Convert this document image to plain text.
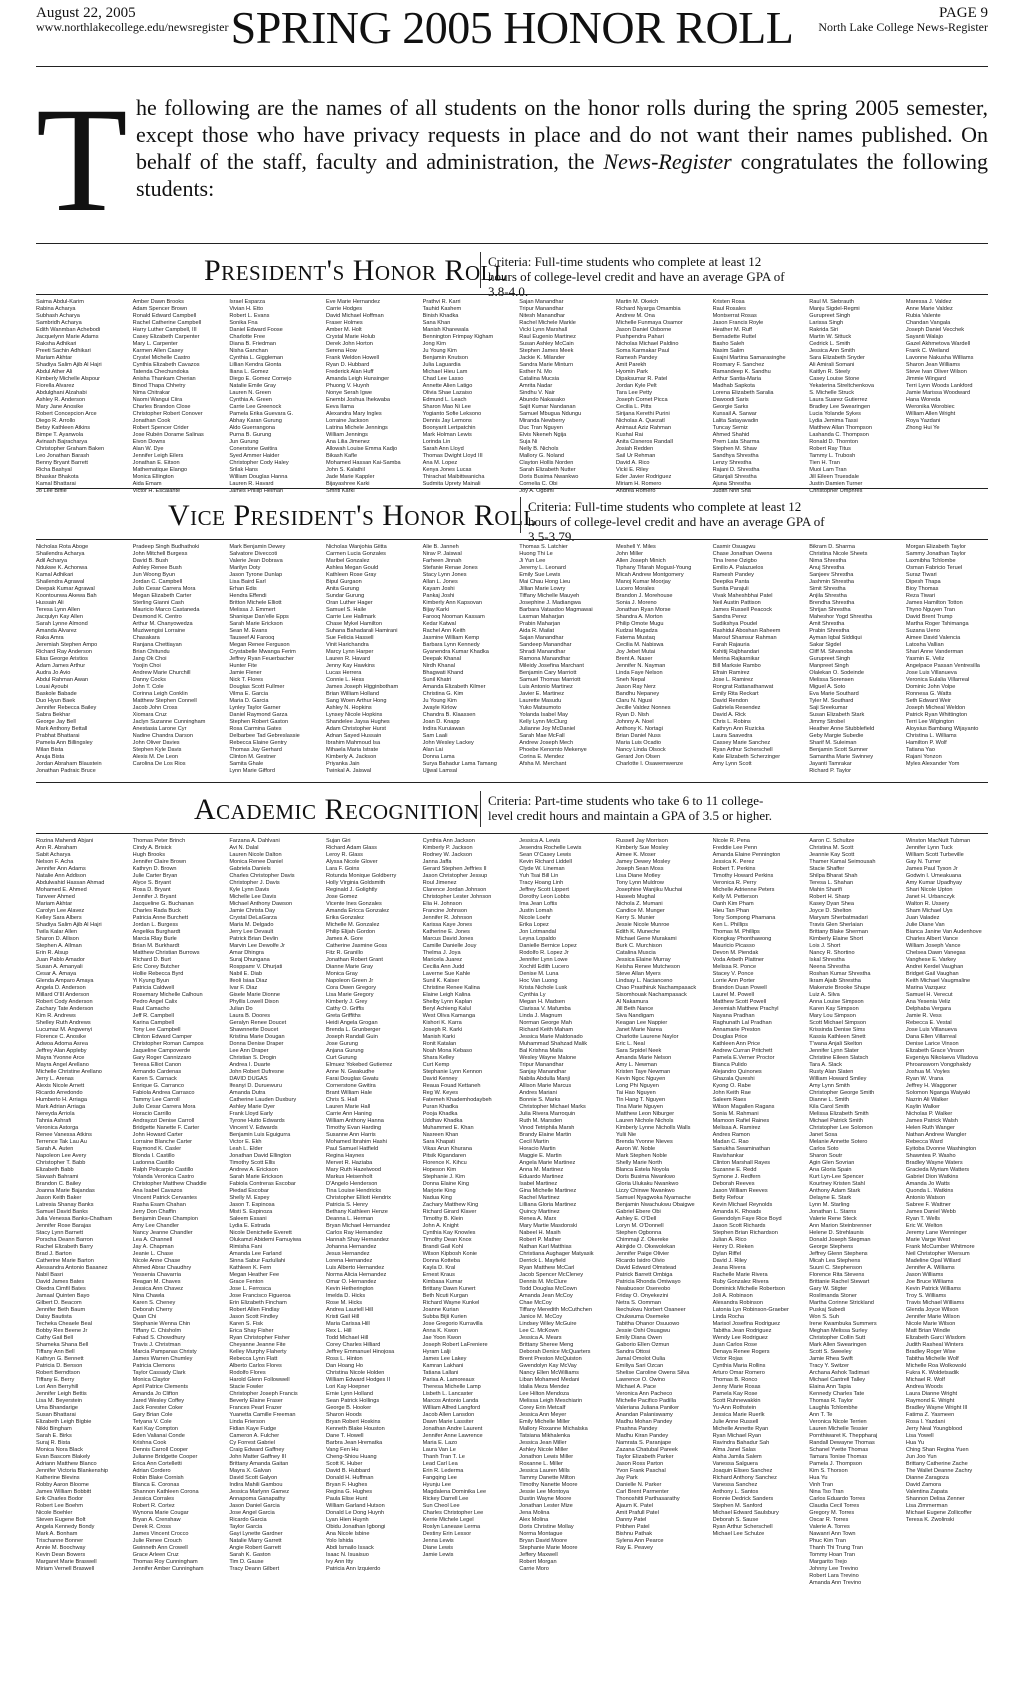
August 22, 2005
www.northlakecollege.edu/newsregister SPRING 2005 HONOR ROLL	PAGE 9
North Lake College News-Register
T he following are the names of all students on the honor rolls during the spring 2005 semester, except those who have privacy requests in place and do not want their names published. On behalf of the staff, faculty and administration, the News-Register congratulates the following students:
President's Honor Roll
Criteria: Full-time students who complete at least 12 hours of college-level credit and have an average GPA of 3.8-4.0.
Saima Abdul-Karim
Rabina Acharya
Subhash Acharya
Sambridh Acharya
Edith Wanmban Achebodi
Jacquelynn Marie Adams
Raksha Adhikari
Preeti Sachin Adhikari
Mariam Akhtar
Shadiya Salim Ajib Al Hajri
Abdul Ather Ali
Kimberly Michelle Alspour
Fiorella Alvarez
Abdulghani Alzahabi
Ashley R. Anderson
Mary Jane Anosike
Robert Concepcion Arce
Diego R. Arrollo
Betsy Kathleen Atkins
Bimpe T. Ayanwola
Avinash Bajracharya
Christopher Graham Baken
Leo Jonathan Barash
Benny Bryant Barrett
Richa Bashyal
Bhaskar Bhakota
Kamal Bhattarai
Jo Lee Biffle
Amber Dawn Brooks
Adam Spencer Brown
Ronald Edward Campbell
Rachel Catherine Campbell
Harry Luther Campbell, III
Casey Elizabeth Carpenter
Mary L. Carpenter
Karmen Allen Casey
Crystel Michelle Castro
Cynthia Elizabeth Cavazos
Tatenda Chechundoka
Anisha Thankam Cherian
Binod Thapa Chhetry
Nima Chitrakar
Naomi Wangui Ciira
Charles Brandon Close
Christopher Robert Conover
Jonathan Cook
Robert Spencer Crider
Jose Rubén Dorame Salinas
Eivon Downs
Alan W. Dye
Jennifer Leigh Eilers
Jonathan E. Eitson
Mathematique Elango
Monica Ellington
Aida Emam
Victor H. Escalante
Israel Esparza
Vivian H. Etto
Robert L. Evans
Sonika Fna
Daniel Edward Foose
Charlotte Free
Diana B. Friedman
Nisha Ganchan
Cynthia L. Giggleman
Lillian Kendra Gionta
Iliana L. Gomez
Diego E. Gomez Cornejo
Natalie Emile Gray
Lauren N. Green
Cynthia A. Green
Carrie Lee Greenock
Pamela Erika Guevara G.
Abhay Karan Gurung
Aldo Guerrangona
Purna B. Gurung
Jun Gurung
Conerstone Gwitira
Syed Ammer Haider
Christopher Cody Haley
Srilak Hans
William Douglas Hanna
Lauren R. Havard
James Phillip Heiman
Eve Marie Hernandez
Carrie Hodges
David Michael Hoffman
Fraser Holmes
Amber M. Holt
Crystal Marie Holub
Derek John Horton
Serena How
Frank Weldon Howell
Ryan D. Hubbard
Frederick Alan Huff
Amanda Leigh Hunsinger
Phuong V. Huynh
Nonye Serah Igwe
Enembi Joshua Ihekwaba
Eeva Ilama
Alexandra Mary Ingles
Lorraine Jackson
Latrina Michele Jennings
William Jennings
Ana Lilia Jimenez
Allowah Louise Emma Kadjo
Bikash Kafle
Mohamed Hassan Kai-Samba
John S. Kalathil
Jade Marie Kappler
Bijayashree Karki
Smriti Karki
Prathvi R. Karri
Tauhid Kashem
Binish Khadka
Sana Khan
Manish Kharewala
Bennington Frimpay Kigham
Jong Kim
Ju Young Kim
Benjamin Knutson
Julia Laguardia
Michael Hieu Lam
Chad Lee Lasso
Annette Alien Latigo
Olivia Shae Lazaiso
Edmund L. Leach
Sharon Mao Ni Lee
Yogianto Sofie Leksono
Dennis Jay Lemons
Boonyarit Lertpatchin
Mark Holman Lewis
Lorinda Lin
Sarah Ann Lloyd
Thomas Dwight Lloyd III
Ana M. Lopez
Kenya Jones Lucas
Thirachat Maibittwanicha
Sudmita Uprety Mainali
Sajan Manandhar
Tripur Manandhar
Nitesh Manandhar
Rachel Michele Markle
Vicki Lynn Marshall
Raul Eugenio Martinez
Susan Ashley McCain
Stephen James Meek
Jackie K. Milander
Sandra Marie Minturn
Esther N. Mo
Catalina Mucsia
Amrita Nadar
Sindhu V. Nair
Abundo Nakasako
Sajit Kumar Nandanan
Samuel Mbugua Ndungu
Miranda Newberry
Duc Tran Nguyen
Elvis Nkeneh Ngija
Suja Ni
Nelly B. Nichols
Mallory G. Noland
Clayton Hollis Norden
Sarah Elizabeth Nutter
Doris Busima Nwankwo
Cornelia C. Obi
Joy A. Ogbimi
Martin M. Okeich
Richard Nyarga Omambia
Andrew M. Ona
Michelle Funmaya Osamor
Jason Daniel Osborne
Pushpendra Pahari
Nicholas Michael Paldino
Soma Karmakar Paul
Ramesh Pandey
Amit Parekh
Hyomin Park
Dipaksumar R. Patel
Jordan Kyle Pelt
Tara Lee Petty
Joseph Cornet Picca
Cecilia L. Pitts
Sirijana Kerethi Purini
Nicholas A. Quezatl
Animaut Aziz Rahman
Kushal Rai
Anita Cisneros Randall
Josiah Redden
Sail Ur Rehman
David A. Rico
Vicki E. Riley
Eder Javier Rodriguez
Miriam H. Romero
Andrea Romero
Kristen Rosa
Raul Rosales
Montserrat Rosas
Jason Francis Royle
Heather M. Ruff
Bernadette Ruttel
Basho Saleh
Nasim Salim
Esajni Martina Samarasinghe
Rosmary F. Sanchez
Ramandeep K. Sandhu
Arthur Santia-Maria
Madhab Sapkota
Lorena Elizabeth Saralia
Dawoodi Saris
Georgie Sarks
Kunsail A. Sarwar
Lalita Satayavadin
Tuncay Semiz
Ahmed Shahid
Prem Lata Sharma
Stephen M. Shaw
Sandhya Shrestha
Lenzy Shrestha
Rajani D. Shrestha
Gitanjali Shrestha
Ajuna Shrestha
Judith Nnh Sha
Raul M. Siebrauth
Manju Sigdel-Regmi
Gurupreet Singh
Larissa Singh
Rakrida Siri
Martin W. Sittuck
Cedrick L. Smith
Jessica Ann Smith
Sara Elizabeth Snyder
Ali Amirali Somani
Kaitlyn R. Steely
Casey Louise Stone
Yekaterina Streltchenkova
S. Michelle Struck
Laura Suarez Gutierrez
Bradley Lee Swearingen
Lucia Yolande Sykes
Lydia Jemima Tassi
Matthew Allan Thompson
Lashanda C. Thompson
Ronald D. Thornton
Robert Ray Titus
Tammy L. Trubosh
Tien H. Tran
Muoi Lam Tran
Jill Eileen Truesdale
Justin Damien Turner
Christopher Umphres
Maressa J. Valdez
Anne Marie Valdez
Rubia Valente
Chandan Vangala
Joseph Daniel Vecchek
Sayanti Walajo
Gazel Akhmetova Wardell
Frank C. Weiland
Lavonne Nakusha Williams
Sharon Jean Williams
Steve Ivan Oliver Wilson
Jimmie Wingard
Terri Lynn Woods Lankford
Jamie Marissa Woodward
Hana Woreda
Weronika Worobiec
William Allen Wright
Roya Yazdani
Zhong Hui Ye
Vice President's Honor Roll
Criteria: Full-time students who complete at least 12 hours of college-level credit and have an average GPA of 3.5-3.79.
Nicholas Rota Aboge
Shailendra Acharya
Adil Acharya
Ndukwe K. Achonwa
Kamal Adhikari
Shailendra Agrawal
Deepak Kumar Agrawal
Koontounwa Akewa Bah
Hussain Ali
Teresa Lynn Allen
Jacqulyn Kay Allen
Sarah Lynne Almond
Amanda Alvarez
Raka Amra
Jeremiah Stephen Ampo
Richard Ray Anderson
Elias George Aristios
Adam James Arthur
Audra Jo Avio
Abdul Rahman Awan
Louai Ayoubi
Baskole Babade
Duo Hyun Baek
Jennifer Rebecca Bailey
Sabra Bekhar
George Jay Bell
Mark Anthony Bettall
Prabhat Bhattarai
Pamela Ann Billingsley
Milan Bista
Anuja Bista
Jordan Abraham Blaustein
Jonathan Padraic Bruce
Pradeep Singh Budhathoki
John Mitchell Burgess
David B. Bush
Ashley Renee Bush
Jun Woong Byun
Jordan C. Campbell
Julio Cesar Carrera Mora
Megan Elizabeth Carter
Sterling Gianni Cash
Mauricio Marco Castaneda
Desmond K. Centro
Arthur M. Chanyowedza
Muziwengisi Lorraine
Chasakara
Ranjana Chettiayan
Brian Chitundu
Jang Ok Choi
Yoojin Choi
Andrew Marie Churchill
Danny Cocks
John T. Cole
Corinna Leigh Conklin
Matthew Stephen Connell
Jacob John Cross
Xiomara Cruz
Jaclyn Suzanne Cunningham
Anestasia Larone Cyr
Nadine Chandra Darson
John Oliver Davies
Stephen Kyle Davis
Alexis M. De Leon
Carolina De Los Rios
Mark Benjamin Dewey
Salvatore Diveccoti
Valerie Jean Dobrava
Marilyn Doty
Jason Tyrone Dunlap
Lisa Baird Earl
Erhan Edis
Hendra Effendi
Britton Michele Elliott
Melissa J. Emmert
Shanique Dan'elle Epps
Sarah Marie Erickson
Sean M. Evans
Tauseef Al Farooq
Megan Renee Ferguson
Crystabelle Mwanga Ferim
Jeffrey Ryan Feuerbacher
Hunter Fite
Jamie Flener
Nick T. Flores
Douglas Scott Fullmer
Vilma E. Garcia
Maria D. Garcia
Lynley Taylor Garner
Daniel Raymond Garza
Stephen Robert Gaston
Rosa Carmina Gates
Delbarbee Tad Gebreslassie
Rebecca Elaine Gentry
Thomas Jay Gerhard
Clinton M. Gestner
Samita Ghale
Lynn Marie Gifford
Nicholas Wanjohia Giitta
Carmen Lucia Gonzales
Maribel Gonzalez
Ashlea Megan Gould
Kathleen Rose Gray
Bipul Gurgaon
Anita Gurung
Sundar Gurung
Oran Luther Hager
Samuel S. Haile
Carrie Lee Hallmark
Chase Mykel Hamilton
Suhana Bahadarali Hamirani
Sue Felicia Hassell
Vinit Harichandra
Marcy Lynn Harper
Lauren R. Havard
Jenny Kay Hawkins
Lucas Herrera
Connie L. Hess
James Joseph Higginbotham
Brian William Holland
Sang Woen Arthur Hong
Ashley N. Hopkins
Lynsey Nicole Hopkins
Shandelee Jaysa Hughes
Adam Christopher Hurst
Adnan Sayed Hussain
Ibrahim Mahmoud Isa
Mihaela Maria Istrate
Kimberly A. Jackson
Priyanka Jain
Twinkal A. Jaiswal
Alie B. Janneh
Nirav P. Jaiswal
Farheen Jinnah
Stefanie Renae Jones
Stacy Lynn Jones
Allan L. Jones
Kayam Joshi
Pankaj Joshi
Kimberly Ann Kapsovan
Bijay Karki
Farooq Nooman Kassam
Kedar Katwal
Rachel Ann Keith
Jasmine William Kemp
Barbara Lynn Kennedy
Gyanendra Kumar Khadka
Deepak Khanal
Nirdh Khanal
Bhagwati Khand
Sunil Khatri
Amanda Elizabeth Kilmer
Christina G. Kim
Ju Young Kim
Jwayle Kirlow
Chandra B. Klaassen
Joan D. Knapp
Indira Kuruiawan
Sam Laali
John Wesley Lackey
Alan Lai
Donna Lama
Surya Bahadur Lama Tamang
Ujjwal Lamsal
Thomas S. Latchier
Huong Thi Le
Ji Yun Lee
Jeremy L. Leonard
Emily Sue Lewis
Mai Chau Hong Lieu
Jillian Marie Lowry
Tiffany Michelle Mauyeh
Josephine J. Madiangwa
Barbara Vatasdoo Magmawai
Laxman Maharjan
Prabin Maharjan
Aida R. Mailat
Sajan Manandhar
Sandeep Manandhar
Shradi Manandhar
Ramona Manandhar
Mileidy Josefina Marchant
Benjamin Cary Marriott
Samuel Thomas Marriott
Luis Antonio Martinez
Javier E. Martinez
Laurette Masudu
Yuko Matsumoto
Yolanda Isabel May
Kelly Lynn McClurg
Julianne Joy McDaniel
Sarah Mae McFall
Andrew Joseph Mech
Phoebe Kenomto Mekenye
Corina E. Mendez
Afsha M. Merchant
Meshell Y. Miles
John Miller
Allen Joseph Minich
Tiphany Tifarah Mogusl-Young
Micah Andrew Montgomery
Manoj Kumar Moorjay
Lucero Morales
Brandon J. Morehouse
Sonia J. Moreno
Jonathan Ryan Morse
Shandra A. Morton
Philip Omote Mugu
Kudzai Mugadza
Fatema Mustaq
Cecilia M. Nabiswa
Joy Jebet Mutai
Brent A. Naser
Jennifer N. Nayman
Linda Faye Nelson
Sneh Nepal
Jason Ray Nerz
Bandhu Nepaney
Claru N. Ngusi
Jecille Valdez Nonnes
Ryan D. Nish
Johnny A. Noel
Anthony K. Nortagi
Brian Daniel Nuss
Maria Luis Ocadio
Nancy Linda Olsock
Gerard Jon Olsen
Charlotte I. Osawemwenze
Casmir Osuagwu
Chase Jonathan Owens
Tina Irene Ozigbo
Emilio A. Palazuelos
Ramesh Pandey
Deepika Panta
Sunita Parajuli
Vivak Maheshbhai Patel
Neil Austin Pattison
James Russell Peacock
Sandra Perez
Sudikshya Poudel
Rashidul Aboshan Raheem
Marouf Shamsur Rahman
Farah Rajauria
Kshitij Rajbhandari
Merina Rajkarnikar
Bill Marksie Rambo
Efrain Ramirez
Jose L. Ramirez
Rongrat Rattanathanwat
Emily Rita Reckart
David Rendon
Gabriela Resendez
David A. Rick
Chris L. Robins
Kathryn Ann Ruzicka
Laura Saavedra
Cassey Marie Sanchez
Ryan Arthur Scherschell
Kate Elizabeth Scherzinger
Amy Lynn Scott
Bikram D. Sharma
Christina Nicole Sheets
Nima Shrestha
Anuj Shrestha
Sanjeev Shrestha
Jashmin Shrestha
Simit Shrestha
Anjila Shrestha
Brendha Shrestha
Shrijan Shrestha
Maheshor Yogd Shrestha
Amit Shrestha
Prabin Shrestha
Ayman Iqbal Siddiqui
Sakar Sigdel
Cliff M. Silvanoba
Gurupreet Singh
Manpreet Singh
Olalekan O. Sodeinde
Melissa Sorensen
Miguel A. Soto
Eva Marie Southard
Tyler M. Southard
Saji Sreekumar
Susan Elizabeth Stark
Jimmy Strobel
Heather Anne Stubblefield
Geby Margie Subedie
Sharif M. Suleiman
Benjamin Scott Sumner
Samantha Marie Swinney
Jayanti Tamrakar
Richard P. Taylor
Morgan Elizabeth Taylor
Sammy Jonathan Taylor
Laxmibha Tchlombe
Osman Fabricio Teruel
Suraz Tiwari
Dipesh Thapa
Bioy Thomas
Reza Tiwari
James Hamilton Totton
Thyno Nguyen Tran
David Brent Trump
Martha Roger Tshimanga
Suzana Ueno
Aimee David Valencia
Latosha Vallian
Shari Anne Vanderman
Yasmin E. Veliz
Angelpace Passan Ventresilla
Jose Luis Villanueva
Veronica Eulalia Villarreal
Dominic John Volpe
Ronnesa G. Watts
Seth Edward Weir
Joseph Micheal Weldon
Patrick Ryan Whittington
Terri Lee Wigington
Aloysius Bambang Wijayanto
Christina L. Williams
Hamilton P. Wolf
Tatiana Yao
Rajani Yonzon
Myles Alexander Yom
Academic Recognition Criteria: Part-time students who take 6 to 11 college-level credit hours and maintain a GPA of 3.5 or higher.
Rozina Mahendi Abjani
Ann R. Abraham
Sabit Acharya
Nelson F. Acha
Jennifer Ann Adams
Natalie Ann Addison
Abdulwahid Hassan Ahmad
Mohamed E. Ahmed
Tanveer Ahmed
Mariam Akhtar
Carolyn Lee Alavez
Kelley Sara Albers
Shadiya Salim Ajib Al Hajri
Twila Kalar Allen
Sharon D. Allison
Stephen A. Allman
Erin R. Alsup
Juan Pablo Amador
Susan A. Amanyali
Cesar A. Amaya
Glenda Amparo Amaya
Angela D. Anderson
Millard O'III Anderson
Robert Cody Anderson
Zachary Tate Anderson
Kim R. Andrews
Shelley Ruth Andrews
Lucumaz M. Angwenyi
Florence C. Anosike
Adwoa Adoma Asrea
Jeffrey Alan Appleby
Mayra Yvonne Arce
Mayra Angel Arellano
Michelle Christine Arellano
Jerry L. Arenas
Alexis Nicole Arnett
Ricardo Arredondo
Humberto H. Arriaga
Mark Adrian Arriaga
Nereyda Arriola
Tahnia Ashrafi
Veronica Astorga
Renee Vanessa Atkins
Terrence Tak Lau Au
Sarah A. Auten
Napoleon Lee Avery
Christopher T. Babb
Elizabeth Babb
Siavash Bahrami
Brandon C. Bailey
Joanna Marie Bajandas
Jason Keith Baker
Latresia Shanay Banks
Samuel David Banks
Julia Venessa Banks-Chatham
Jennifer Rose Barajas
Stacy Lynn Barnett
Porscha Deann Barron
Rachel Elizabeth Barry
Brad J. Barton
Catherine Marie Barton
Alessandra Antonio Basanez
Nabil Basri
David James Bates
Okedra Cimfil Bates
Jamaal Quinten Bayo
Gilbert D. Beacom
Jennifer Beth Baum
Daisy Bautista
Techeka Cheaele Beal
Bobby Rex Beene Jr
Cathy Gail Bell
Shameka Shana Bell
Tiffany Ann Bell
Kathryn G. Bennett
Patricia D. Benson
Robert Berndtson
Tiffany E. Berry
Lori Ann Berryhill
Jennifer Leigh Bettis
Lisa M. Beyerstein
Uma Bhandarige
Susan Bhattarai
Elizabeth Leigh Bigbie
Nikki Bingham
Sarah E. Birks
Suraj R. Bista
Monica Nora Black
Evan Bascom Blakely
Adriann Matthew Blanco
Jennifer Victoria Blankenship
Katherine Blevins
Robby Aaron Bloome
James William Bobbitt
Erik Charles Bodor
Robert Lee Boehm
Nicole Boehler
Steven Eugene Bolt
Angela Kennedy Bondy
Mark A. Bonham
Trischanne Bonner
Annie M. Boochway
Kevin Dean Bowers
Margaret Marie Braswell
Miriam Vernell Braswell
Thomas Peter Brinch
Cindy A. Brisick
Hugh Brooks
Jennifer Claire Brown
Kathryn D. Brown
Julie Carter Bryan
Alyce S. Bryant
Rosa D. Bryant
Jennifer J. Bryant
Jacqueline G. Buchanan
Charles Rada Buck
Patricia Anne Burchett
Jordan L. Burgess
Angelika Burghardt
Marcia Rlay Burle
Brian M. Burkhardt
Matthew Christian Burrows
Richard D. Burt
Eric Corey Butcher
Hollie Rebecca Byrd
Yi Kyung Byun
Patricia Caldwell
Rosemary Michelle Calhoun
Pedro Angel Calix
Raul Camacho
Jeff R. Campbell
Karina Campbell
Tony Lee Campbell
Clinton Edward Camper
Christopher Roman Campos
Jaqueline Campoverde
Gary Roger Cannizzaro
Teresa Elliot Canon
Armando Cardenas
Karen S. Carnack
Enrique G. Carranco
Fabiola Andrea Carrasco
Tammy Lee Carroll
Julio Cesar Carrera Mora
Horacio Carrillo
Andrayzzi Denise Carroll
Bridgette Nanette F. Carter
John Howard Carter
Lorraine Blanche Carter
Raymond K. Casler
Blonda I. Castillo
Ladonna Castillo
Ralph Policarpio Castillo
Yolanda Veronica Castro
Christopher Matthew Chaddle
Ana Isabel Cavazos
Vincent Patrick Cervantes
Rasha Esam Chahan
Jerry Don Chaffin
Benjamin Dean Champion
Amy Lee Chandler
Nancy Jeanne Chandler
Lea A. Channell
Jay A. Chapman
Jeanie L. Chase
Nicole Anne Chase
Ahmed Abrar Chaudhry
Yessenia Chavarria
Reagan M. Chaves
Jessica Ann Chavez
Nina Chawla
Karen S. Cheney
Deborah Cherry
Quan Chi
Stephanie Wenna Chin
Tiffany C. Chisholm
Fahad S. Chowdhury
Travis J. Christman
Marcia Pampanas Christy
James Warren Chumley
Patricia Clemons
Taylor Cassady Clark
Monica Claytor
April Patrice Clements
Amanda Jo Clifton
Jared Wesley Coffey
Jack Forester Coker
Gary Brian Cole
Tetyana V. Cole
Kari Kay Compton
Eden Valianai Conde
Krishna Cook
Dennis Carroll Cooper
Julianne Bridgette Cooper
Erica Ann Cortelletti
Adrian Cordero
Robin Blake Cornish
Blanca E. Coronas
Shannon Kathleen Corona
Jessica Corrales
Robert R. Cortez
Wynona Marie Cougar
Bryan A. Crenshaw
Derek R. Cross
James Vincent Crocco
Julie Renee Crouch
Gwinneth Ann Crowell
Grace Arleen Cruz
Thomas Roy Cunningham
Jennifer Amber Cunningham
Farzana A. Dahlvani
Avi N. Dalal
Lauren Nicole Dalton
Monica Renee Daniel
Gabriela Daniels
Charles Christopher Davis
Christopher J. Davis
Kyle Lynn Davis
Michelle Lee Davis
Michael Anthony Dawson
Jamie Christa Day
Crystal DeLaGarza
Maria M. Delgado
Jerry Lee Devault
Patrick Brian Devlin
Marvin Lee Dewolfe Jr
Amar Dhingra
Suraj Dhungana
Rosppamr V. Dhurjati
Nabil E. Diab
Ifeoli Isiaa Diaz
Ivar F. Diaz
Gisele Marie Dionne
Phyllis Lowell Dixon
Julian Do
Laura B. Doores
Geralyn Renee Doucet
Shawnnette Doucet
Kristina Marie Dougan
Donna Denise Draper
Lee Ann Draper
Christian S. Drogin
Andrea I. Duarte
John Robert Dufresne
DAVID DUGAS
Ifeanyi D. Duruewuru
Amanda Dutra
Catherine Lauden Duxbury
Ashley Marie Dyer
Frank Lloyd Early
Tyrone Hutto Edwards
Vincent V. Edwards
Benjamin Luis Eguigurra
Victor E. Ekh
Leah L. Elder
Jonathan David Ellington
Timothy Scott Ellis
Andrew A. Erickson
Sarah Marie Erickson
Fabiola Contreras Escobar
Piedad Escobar
Shelly M. Espey
Jason T. Espinosa
Misti S. Espinoza
Saleem Essani
Lydia E. Estrada
Nicole Denichelle Everett
Olukamzi Abidemi Famuyiwa
Rimisha Fani
Amanda Lee Farland
Sinna Sabur Fazlullahi
Kathleen K. Fern
Megan Heather Fee
Grace Fenton
Jose L. Ferrosca
Jose Francisco Figueroa
Erin Elizabeth Fincham
Robert Allen Findlay
Jason Scott Findley
Karen S. Fisk
Erica Shay Fisher
Ryan Christopher Fisher
Cheyanne Jeanne Fite
Kelley Murphy Flaherty
Rebecca Lynn Flatt
Alberto Carlos Flores
Rodolfo Flores
Harold Glenn Followwell
Stacie Fowler
Christopher Joseph Francis
Beverly Elaine Fraser
Frances Pearl Frazer
Yuanetta Camille Freeman
Linda Frierson
Fidian Kaye Fudge
Cameron A. Fulcher
Cy Forrest Gabriel
Craig Edward Gaffney
John Matter Gaffney III
Brittany Amanda Gaitan
Mayra X. Galvan
David Scott Galyon
Indira Mahili Gambou
Jessica Marlynn Gamez
Annapoma Ganapathy
Jason Daniel Garcia
Jose Angel Garcia
Ricardo Garcia
Taylor Garcia
Gayi Lynette Gardner
Natalie Marry Garrett
Angie Robert Garrett
Sarah K. Gaston
Tim D. Gause
Tracy Deann Gilbert
Sujan Giri
Richard Adam Glass
Leroy R. Glass
Alyssa Nicole Glover
Lara F. Goins
Rotunda Monique Goldberry
Holly Virginia Goldsmith
Reginald J. Golightly
Jose Gomez
Vicente Ines Gonzales
Amanda Ericca Gonzalez
Erika Gonzalez
Michelle M. Gonzalez
Philip Elijah Gordon
James A. Gore
Catherine Jasmine Goss
Fitz R. Granillo
Jonathan Robert Grant
Dianne Marie Gray
Monica Gray
Napoleon Green Jr
Cora Owen Gregory
Lisa Marie Gregory
Kimberly J. Grey
Cathy O. Griffis
Greta Griffiths
Heidi Angela Grogan
Brenda L. Grunberger
Joseph Randall Guin
Jose Gurung
Anjana Gurung
Curt Gurung
Elmuez Yokebed Gutierrez
Anne N. Gwakudhe
Farai Douglas Gwatu
Cornerstone Gwitira
Brant William Hale
Chris S. Hall
Lauren Marie Hall
Carrie Ann Haning
William Anthony Hanna
Timothy Evan Harding
Susanne Ann Harris
Mohamed Ibrahim Hashi
Paul Samuel Hatfield
Regina Haynes
Mervet R. Haziaba
Mary Ruth Hazelwood
Markus Heisenholt
D'Angelo Henderson
Tina Louise Hendricks
Christopher Elliott Hendrix
Patricia S. Henry
Bethany Kathleen Henze
Deanna L. Herman
Bryan Michael Hernandez
Carlos Ray Hernandez
Hannah Shay Hernandez
Johanna Hernandez
Jesus Hernandez
Lorena Hernandez
Luis Alberto Hernandez
Norma Alicia Hernandez
Omar O. Hernandez
Kevin Hetherington
Imelda D. Hicks
Rose M. Hicks
Andrea Lauriell Hill
Kristi Gail Hill
Maria Carissa Hill
Rex L. Hill
Todd Michael Hill
Corey Charles Hilliard
Jeffrey Emmanuel Hinojosa
Ross L. Hinton
Dan Hoang Ho
Christina Nicole Holden
William Edward Hodges II
Lori Kay Hoepner
Ernie Lynn Holland
Sean Patrick Hollings
George B. Hooker
Sharon Hoods
Bryan Robert Hoskins
Kenneth Blake Houston
Dane T. Howell
Barbra Jean Hrematka
Vang Fen Hu
Cheng-Shiou Huang
Scott K. Huber
David B. Hubbard
Donald H. Huffman
Bryan F. Hughes
Regina G. Hughes
Paula Elise Hunt
William Garland Hutson
Donald Le Dong Huynh
Lyan Hien Huynh
Obidu Jonathan Igbongi
Ana Nicole Isbine
Yolo Ishida
Abdi Ismailo Issack
Isaac N. Isuaisuo
Ivy Ann Itty
Patricia Ann Izquierdo
Cynthia Ann Jackson
Kimberly P. Jackson
Rodney W. Jackson
Janna Jaffa
Gerard Stephen Jeffries II
Jason Christopher Jessup
Roul Jimenez
Clarence Jordan Johnson
Christopher Lester Johnson
Elia H. Johnson
Francine Johnson
Jennifer R. Johnson
Karissa Kaye Jones
Katherine E. Jones
Marcus David Jones
Camille Danielle Jouy
Thelma J. Joya
Maricela Juarez
Cecilia Ann Judd
Laverne Sue Kahle
Sunil K. Kaiser
Christine Renee Kalina
Elaine Leigh Kalina
Shelby Lynn Kaplan
Beryl Achieng Kalul
West Oliva Kamanga
Kishori K. Karra
Joseph R. Karki
Manish Karki
Ronit Katalan
Noah Mona Kebaso
Shara Kelley
Curt Kemp
Stephanie Lynn Kennon
David Kenney
Reaua Fouad Kettaneh
Reg W. Keyes
Fatemeh Khademhodaybeh
Puran Khadka
Pooja Khadka
Uddhav Khadka
Muhammed E. Khan
Nasreen Khan
Sara Khapati
Vikas Arun Khurana
Pitsik Kigandaren
Florence K. Kihcu
Hopeson Kim
Stephanie J. Kim
Donna Elaine King
Marjorie King
Nadua King
Zachary Matthew King
Richard Girard Klaver
Timothy B. Klein
John A. Knight
Cynthia Kay Knowles
Timothy Dean Knox
Brandi Gail Kohl
Wilson Kipbosh Konie
Donna Kotteba
Kayla D. Kral
Ernest Kraus
Kimbasa Kumar
Brittany Dawn Kunert
Beth Ncuti Kurgan
Richard Wayne Kunkel
Joanne Kurian
Subba Bijii Kurien
Jose Gregorio Kurravilla
Anna K. Kwon
Jae Yoon Kwon
Joseph Robert LaFreniere
Hyram Lalji
James Lee Lakey
Kamran Lakhani
Tatiana Lallani
Parisa A. Lamoreaux
Theresa Michelle Lamp
Lisbeth L. Lancaster
Marcos Antonio Landa
William Alfred Langford
Jacob Allen Lansdon
Dawn Marie Lassiter
Jonathan Andre Laurent
Jennifer Anne Lawrence
Maria E. Lazo
Laura Van Le
Thanh Tran T. Le
Lead Carl Lea
Erin R. Lederma
Fangqing Lee
Hyunju Lee
Magdalena Dominika Lee
Rickey Darrell Lee
Sun Cheol Lee
Charles Christopher Lee
Kerrie Michele Legel
Roslyn Lanease Lerma
Destiny Erin Lessor
Jenna Lewis
Diane Lewis
Jamie Lewis
Jessica A. Lewis
Jesendra Rochelle Lewis
Sean O'Casey Lewis
Kevin Richard Liddell
Clyde W. Lineman
Yuh Tsai Bill Lin
Tracy Hoang Linh
Jeffrey Scott Lippert
Dorothy Leon Lobbs
Ima Jean Loftis
Justin Lomah
Nicole Loehr
Erika Lopez
Jon Lotmandal
Leyna Lopaldo
Danielle Bernice Lopez
Rodolfo R. Lopez Jr
Jennifer Lynn Lowe
Xochitl Edith Lucero
Denise M. Luna
Hoc Van Luong
Krista Nichole Lusk
Cynthia Ly
Megan H. Madsen
Clarissa V. Mafumba
Linda J. Magnum
Norman George Mah
Richard Keith Maham
Jessica Marie Maldonado
Muhammad Shahzad Malik
Bal Krishna Malla
Wesley Wayne Malone
Tripur Manandhar
Sanjay Manandhar
Nabila Abdulla Manji
Allison Marie Marcus
Andres Mariani
Bonnie S. Marks
Christopher Michael Marks
Julia Rivera Marroquin
Ruth M. Marsden
Vinod Tetriphila Marsh
Brandy Elaine Martin
Cecil Martin
Horacio Martin
Maggie E. Martin
Angela Marie Martinez
Anna M. Martinez
Eduardo Martinez
Isabel Martinez
Gina Michelle Martinez
Rachel Martinez
Lilliana Gloria Martinez
Quincy Martinez
Renea A. Marx
Mary Martie Masdonski
Nabeel H. Masih
Robert P. Mather
Nathan Karl Matthias
Christiana Aughager Matyasik
Derrick L. Mayfield
Ryan Matthew McCarl
Jacob Spencer McCleney
Dennis M. McClure
Todd Douglas McCown
Amanda Jean McCoy
Chae McCoy
Tiffany Meredith McCuthchen
Janice M. McCoy
Lindsey Wiley McGuire
Lee C. McKown
Jessica A. Mears
Brittany Sheree Meng
Deborah Denice McQuarters
Brent Preston McQuiston
Gwendolyn Kay McVay
Nancy Ellen McWilliams
Liban Mohamed Medani
Idalia Meza Mendez
Lee Hilton Mendoza
Melissa Leigh Meschiarin
Corey Erin Metcalf
Jessica Ann Meyer
Emily Michelle Miller
Mallory Roxanne Michalska
Tatsiana Mikhalenka
Jessica Jean Miller
Ashley Nicole Miller
Jonathon Lewis Miller
Roxanne L. Miller
Jessica Lauren Mills
Tammy Danette Milton
Timothy Nanette Moore
Jessie Lee Montoya
Dustin Wayne Moore
Jonathan Lester Mize
Jena Molina
Alex Molina
Doris Christine Mollay
Norma Montague
Bryan David Moore
Stephanie Marie Moore
Jeffery Maxwell
Robert Morgan
Carrie Moro
Russell Jay Morrison
Kimberly Sue Mosley
Aimee K. Moser
Jamey Dewey Mosley
Joseph Sean Moss
Lisa Diane Motley
Tony Lynn Muldrow
Josephine Wanjiku Muchai
Haseeb Mughal
Nichola Z. Mumani
Candice M. Munger
Kerry S. Munier
Jessie Nicole Munroe
Edith K. Muneche
Michael Gene Murakami
Burk C. Murchison
Catalina Muscia
Jessica Elaine Murray
Keisha Renee Mutcheson
Steve Allan Myers
Lindsay L. Nacianceno
Chao Prasthiruk Nachampasack
Sisomhouak Nachampasack
Al Nakamura
Jill Beth Nance
Siva Nandigam
Keagan Lee Nappier
Janet Marie Narea
Charlotte Laurene Naylor
Eric L. Neal
Sara Srpidel Neek
Amanda Marie Nelson
Amy L. Newman
Kristen Taye Newman
Kevin Ngoc Nguyen
Long Phi Nguyen
Tai Hao Nguyen
Tin Hang T. Nguyen
Tina Marie Nguyen
Matthew Leon Niburger
Lauren Nichole Nichols
Kimberly Lynne Nicholls Walls
Yulii Nie
Brenda Yvonne Nieves
Aaron W. Noble
Mark Stephen Noble
Shelly Marie North
Blanca Estela Noyola
Doris Busima Nwankwo
Gloria Ulukaku Nwankwo
Lizzy Chinwe Nwankwo
Samuel Nyagwoka Nyamache
Benjamin Nwachukwu Obaigwe
Gabriel Ebere Obi
Ashley E. O'Dell
Loryn M. O'Donnell
Stephen Ogbonna
Chimmaji Z. Okereke
Akinjide O. Okewolekan
Jennifer Paige Olivier
Ricardo Isidro Olvio
David Edward Olmstead
Patrick Barrett Ombiga
Patricia Rhonda Omiwayo
Nwabuosor Osereobo
Friday O. Onyekezini
Netra S. Oomman
Ikechukwu Norbert Osaneer
Chukwuma Osemeke
Tabitha Ohanor Osuuowo
Jessie Oshi Osuagwu
Emily Diana Owen
Gaborio Ellen Ozmun
Sandra Ottosi
Jamal Omolot Oulia
Emiliya Sari Ozcan
Shelise Caroline Owens Silva
Lawrence O. Owino
Michael A. Pace
Veronica Ann Pacheco
Michelle Pacifico Padilla
Valeriana Juliana Paniker
Anandan Palaniswamy
Madhu Mohan Pandey
Prashna Pandey
Madhu Kiran Pandey
Namrata S. Paranjape
Zazana Chatubal Pareek
Taylor Elizabeth Parker
Jason Ross Parton
Yvon Frank Paschal
Jay Park
Danielle N. Parker
Carl Brent Parmenter
Thonoshitti Parthasarathy
Ajaum K. Patel
Amit Prafull Patel
Danny Patel
Pribhen Patel
Bishnu Pathak
Sylena Ann Pearce
Ray E. Peavey
Nicole R. Pena
Freddie Lee Penn
Amanda Elaine Pennington
Jessica K. Perez
Robert T. Perkins
Timothy Howard Perkins
Veronica R. Perry
Michelle Adrienne Peters
Kelly M. Petterson
Oanh Kim Pham
Hieu Tan Phan
Tony Sompong Phamana
Ken L. Phillips
Thomas M. Phillips
Kiongkay Phonthawong
Mauricio Picasso
Devon M. Piendak
Voda Arbeth Plattner
Melissa R. Ponce
Stacey V. Ponce
Lorrie Ann Porter
Brandon Duan Powell
Laurel M. Powell
Matthew Scott Powell
Jeremiah Matthew Prachyl
Nayana Pradhan
Raghunath Lal Pradhan
Annamarie Preston
Douglas Price
Kathleen Ann Price
Andrew Curran Pritchett
Pamela E.Verner Proctor
Bianca Pulido
Alejandro Quinones
Ghazala Qureshi
Kyong O. Rabe
John Keith Rae
Saleem Raes
Wilson Magallen Ragans
Sonia M. Rahmani
Mamoon Rafiel Raines
Melissa A. Ramirez
Andres Ramon
Madan C. Rao
Sanukha Swaminathan
Ravishankar
Clinton Marshall Rayes
Suzanne E. Redd
Symone J. Redfern
Deborah Reeves
Jason William Reeves
Betty Refour
Kevin Michael Reynolds
Amanda K. Rhoads
Gwendolyn Faye Rice Boyd
Jason Scott Richards
Stephen Brian Richardson
Julian A. Rico
Henry D. Rieken
Dylan Riffel
David J. Riley
Jeana Rivera
Rachelle Marie Rivera
Ruby Gonzalez Rivera
Dominick Michelle Robertson
Joli A. Robinson
Alexandra Robinson
Latonia Lyn Robinson-Graeber
Linda Rocha
Marisol Josefina Rodriguez
Tabitha Jean Rodriguez
Wendy Lee Rodriguez
Juan Carlos Rose
Denaya Renee Rogers
Victor Rojas
Cynthia Maria Rollins
Arturo Omar Romero
Thomas B. Ronco
Jenny Marie Rosas
Pamela Kay Rose
Scott Ruhnewakkin
Yu-Ann Rothstein
Jessica Marie Ruerlk
Julie Anne Russell
Michelle Annette Ryan
Ryan Michael Ryan
Ravindra Bahadur Sah
Alma Janel Salas
Aisha Jamila Salem
Vanessa Salguera
Joaquin Eliseo Sanchez
Richard Anthony Sanchez
Vanessa Sanchez
Anthony L. Santos
Ronnie Dedrick Sanders
Stephen M. Sanford
Michael Edward Saulsbury
Deborah S. Sause
Ryan Arthur Scherschell
Michael Lee Schulze
Aaron C. Schultze
Christina M. Scott
Jeannie Kay Scott
Thamer Kamal Seimousah
Stacie Shaffer
Shilpa Bharat Shah
Teresa L. Shahan
Mahin Sharifi
Robert H. Sharp
Kasey Dyan Shea
Joyce D. Shelton
Maryam Sherbatmadari
Travis Glen Sherlaian
Brittany Blake Sherman
Kimberly Elaine Short
Lois J. Short
Nancy R. Shortino
Iskal Shrestha
Neena Shrestha
Roshan Kumar Shrestha
Ikram Ajaib Shrestha
Makenzie Brooke Shupe
Luiz A. Silva
Anna Louise Simpson
Karen Kay Simpson
Mary Lou Simpson
Scott Michael Simpson
Krissinda Denise Sims
Kassia Kathleen Sinett
T'wana Anjali Skelton
Jennifer Lynn Slater
Christine Eileen Slatsch
Tara A. Slack
Rusty Alan Slaten
William Howard Smiley
Amy Lynn Smith
Christopher George Smith
Dianne L. Smith
Kila Carol Smith
Melissa Elizabeth Smith
Michael Patrick Smith
Christopher Lee Solomon
Janet Sosa
Melanie Annette Sotero
Carlos Soto
Sharon Soutr
Agin Glen Sovrian
Ana Gloria Spain
Kurt Lyn-Lee Spencer
Kourtney Kristen Stahl
Anthony Adam Stark
Delayne E. Stark
Lynn M. Starling
Jonathan L. Starns
Valerie Rene Steck
Ann Marion Steinbrenner
Helene D. Strehlaunis
Donald Joseph Stegman
George Stephens
Jeffrey Glenn Stephens
Micah Lea Stephens
Suuni C. Stephenson
Florence Rita Stevens
Brittanie Rachel Stewart
Gary W. Stigter
Roslimanda Stoner
Martha Corinne Strickland
Puskaj Subedi
Won S. Suh
Irene Kwambuka Summers
Meghan Melissa Surley
Christopher Collin Sutt
Mark Allen Swearingen
Scott S. Sweeley
Jamie Rhea Swift
Tracy Y. Switzer
Archana Ashok Tadimari
Michael Cantrell Talley
Elaina Ann Tapia
Kennedy Charles Tate
Thomas R. Taylor
Laughla Tchlombhe
Ann T. Te
Veronica Nicole Terrien
Lauren Michelle Tessier
Pornthiwaret K. Theppharaj
Randall Dewayne Thomas
Schanel Yvette Thomas
Tamara Tonise Thomas
Pamela J. Thompson
Kim S. Thorson
Hua Yu
Vinh Tran
Nina Tso Tran
Carlos Eduardo Torres
Claudia Cecil Torres
Gregory M. Torres
Oscar R. Torres
Valerie A. Torres
Nawanri Ann Town
Phuc Kim Tran
Thanh Thi Trung Tran
Tommy Hoan Tran
Margarito Trejo
Johnny Lee Trevino
Robert Lara Trevino
Amanda Ann Trevino
Winston MacNutt Tubman
Jennifer Lynn Tuck
William Scott Turbeville
Gay N. Turner
James Paul Tyson Jr
Godwin I. Umeakuana
Amy Kumar Upadhyay
Shari Nicole Upton
Janet H. Urbanczyk
Walton R. Ussery
Sham Michael Uys
Juan Valadez
Julie Diane Van
Bianca Janine Van Audenhove
Charles Albert Vance
William Joseph Vance
Chelsea Dawn Vanegas
Vanghese E. Varkey
Andrei Kerdel Vaughan
Bridget Gail Vaughan
Keith Michael Vaugmaline
Marina Vazquez
Samuel H. Verecut
Ana Yesenia Veliz
Delphaba Vergara
Jamie R. Vess
Rebecca E. Vestal
Jose Luis Villanueva
Dana Ellen Villarreal
Denise Larice Vinson
Elizabeth Grace Vinson
Evgeniya Nikolaeva Vlladova
Phroansworn Vongphakdy
Joshua M. Voyles
Ryan W. Vrana
Jeffrey H. Waggoner
Solomon Nganga Waiyaki
Nazrin Ali Walker
Kaylin Walker
Nicholas P. Walker
James Patrick Walsh
Helen Ruth Wanger
Nathan Andrew Wangler
Rebecca Ward
Eyitoba Dvonne Washington
Shawntea P. Washo
Bradley Wayne Waters
Gracieda Myriam Watters
Gabriel Dion Watkins
Amanda Jo Watts
Quonda L. Watkins
Antonio Watson
Sabree F. Wattner
James Daniel Webb
Ryan T. Wells
Eric W. Welton
Jeremy Lane Wenninger
Marie Varge West
Frank McCumber Whitmore
Neil Christopher Wiersum
Madeline Opal Willard
Jennifer A. Williams
Jason Williams
Joe Bruce Williams
Kevin Patrick Williams
Troy S. Williams
Travis Michael Williams
Glenda Joyce Wilson
Jennifer Marie Wilson
Nicole Marie Wilson
Matt Brian Windle
Elizabeth Garci Wisdom
Judith Rasheal Winters
Bradley Roger Wise
Tabitha Michelle Wolf
Michelle Roa Wolkowski
Fukra K. Woldetsadik
Michael R. Wolf
Andrea Woods
Laura Dianne Wright
Raymond E. Wright
Bradley Wayne Wright III
Fatima Z. Yasmeen
Rosa I. Yazdani
Jerry Neal Youngblood
Lisa Yowell
Hua Yu
Ching Shan Regina Yuen
Jun Joo Yun
Brittany Catherine Zache
The Wallet Deanne Zachry
Dianne Zaragoza
David Zamora
Valentina Zapata
Shannon Delisa Zenner
Lisa Zimmerman
Michael Eugene Zollicoffer
Teresa K. Zwolinski
